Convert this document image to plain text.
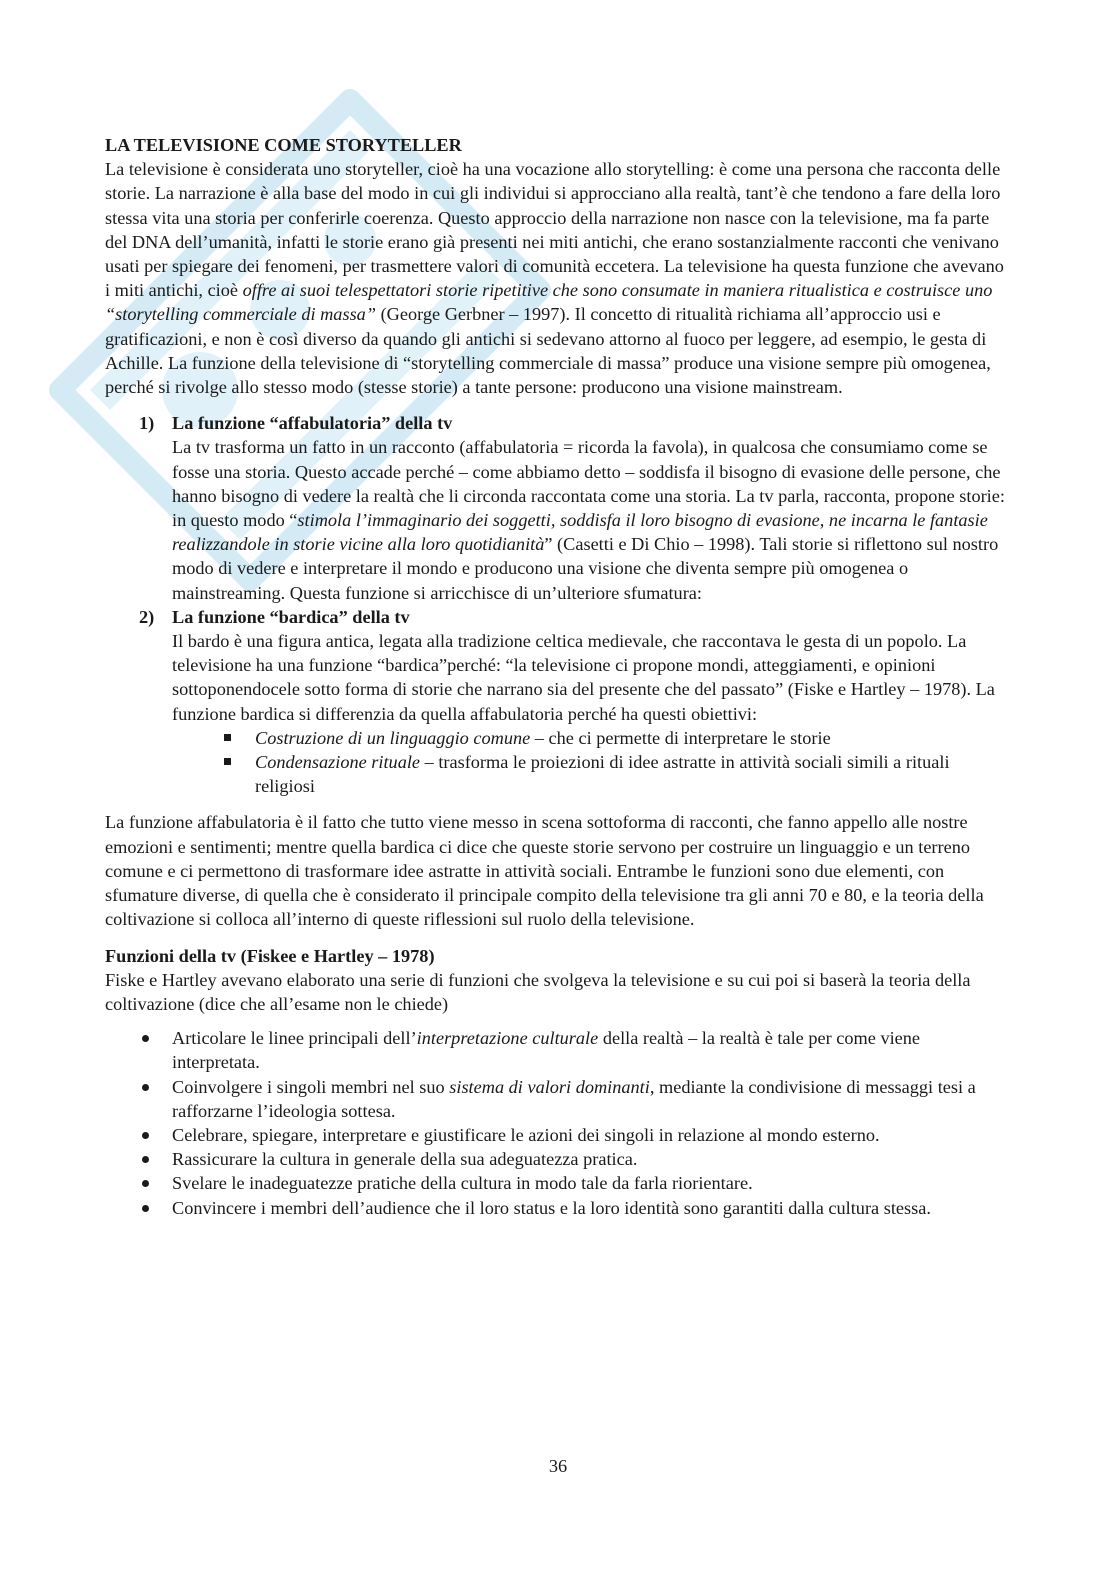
LA TELEVISIONE COME STORYTELLER

La televisione è considerata uno storyteller, cioè ha una vocazione allo storytelling: è come una persona che racconta delle storie. La narrazione è alla base del modo in cui gli individui si approcciano alla realtà, tant’è che tendono a fare della loro stessa vita una storia per conferirle coerenza. Questo approccio della narrazione non nasce con la televisione, ma fa parte del DNA dell’umanità, infatti le storie erano già presenti nei miti antichi, che erano sostanzialmente racconti che venivano usati per spiegare dei fenomeni, per trasmettere valori di comunità eccetera. La televisione ha questa funzione che avevano i miti antichi, cioè offre ai suoi telespettatori storie ripetitive che sono consumate in maniera ritualistica e costruisce uno “storytelling commerciale di massa” (George Gerbner – 1997). Il concetto di ritualità richiama all’approccio usi e gratificazioni, e non è così diverso da quando gli antichi si sedevano attorno al fuoco per leggere, ad esempio, le gesta di Achille. La funzione della televisione di “storytelling commerciale di massa” produce una visione sempre più omogenea, perché si rivolge allo stesso modo (stesse storie) a tante persone: producono una visione mainstream.

1) La funzione “affabulatoria” della tv

La tv trasforma un fatto in un racconto (affabulatoria = ricorda la favola), in qualcosa che consumiamo come se fosse una storia. Questo accade perché – come abbiamo detto – soddisfa il bisogno di evasione delle persone, che hanno bisogno di vedere la realtà che li circonda raccontata come una storia. La tv parla, racconta, propone storie: in questo modo “stimola l’immaginario dei soggetti, soddisfa il loro bisogno di evasione, ne incarna le fantasie realizzandole in storie vicine alla loro quotidianità” (Casetti e Di Chio – 1998). Tali storie si riflettono sul nostro modo di vedere e interpretare il mondo e producono una visione che diventa sempre più omogenea o mainstreaming. Questa funzione si arricchisce di un’ulteriore sfumatura:

2) La funzione “bardica” della tv

Il bardo è una figura antica, legata alla tradizione celtica medievale, che raccontava le gesta di un popolo. La televisione ha una funzione “bardica”perché: “la televisione ci propone mondi, atteggiamenti, e opinioni sottoponendocele sotto forma di storie che narrano sia del presente che del passato” (Fiske e Hartley – 1978). La funzione bardica si differenzia da quella affabulatoria perché ha questi obiettivi:

Costruzione di un linguaggio comune – che ci permette di interpretare le storie
Condensazione rituale – trasforma le proiezioni di idee astratte in attività sociali simili a rituali religiosi

La funzione affabulatoria è il fatto che tutto viene messo in scena sottoforma di racconti, che fanno appello alle nostre emozioni e sentimenti; mentre quella bardica ci dice che queste storie servono per costruire un linguaggio e un terreno comune e ci permettono di trasformare idee astratte in attività sociali. Entrambe le funzioni sono due elementi, con sfumature diverse, di quella che è considerato il principale compito della televisione tra gli anni 70 e 80, e la teoria della coltivazione si colloca all’interno di queste riflessioni sul ruolo della televisione.

Funzioni della tv (Fiskee e Hartley – 1978)

Fiske e Hartley avevano elaborato una serie di funzioni che svolgeva la televisione e su cui poi si baserà la teoria della coltivazione (dice che all’esame non le chiede)

Articolare le linee principali dell’interpretazione culturale della realtà – la realtà è tale per come viene interpretata.
Coinvolgere i singoli membri nel suo sistema di valori dominanti, mediante la condivisione di messaggi tesi a rafforzarne l’ideologia sottesa.
Celebrare, spiegare, interpretare e giustificare le azioni dei singoli in relazione al mondo esterno.
Rassicurare la cultura in generale della sua adeguatezza pratica.
Svelare le inadeguatezze pratiche della cultura in modo tale da farla riorientare.
Convincere i membri dell’audience che il loro status e la loro identità sono garantiti dalla cultura stessa.
36
